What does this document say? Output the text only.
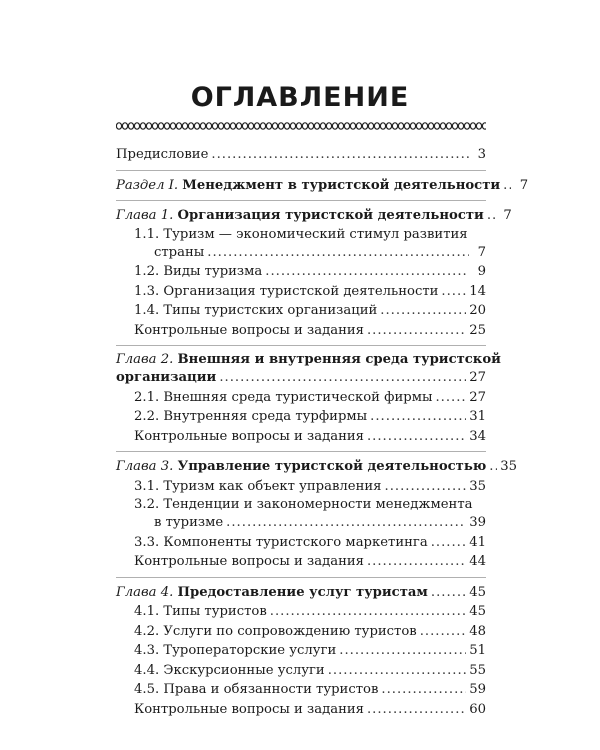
ОГЛАВЛЕНИЕ
Предисловие .....	3
Раздел I. Менеджмент в туристской деятельности .....	7
Глава 1. Организация туристской деятельности .....	7
1.1. Туризм — экономический стимул развития
страны .....	7
1.2. Виды туризма .....	9
1.3. Организация туристской деятельности ..... 14
1.4. Типы туристских организаций .....	20
Контрольные вопросы и задания .....	25
Глава 2. Внешняя и внутренняя среда туристской
организации .....	27
2.1. Внешняя среда туристической фирмы .....	27
2.2. Внутренняя среда турфирмы .....	31
Контрольные вопросы и задания .....	34
Глава 3. Управление туристской деятельностью ..... 35
3.1. Туризм как объект управления .....	35
3.2. Тенденции и закономерности менеджмента
в туризме .....	39
3.3. Компоненты туристского маркетинга .....	41
Контрольные вопросы и задания .....	44
Глава 4. Предоставление услуг туристам .....	45
4.1. Типы туристов .....	45
4.2. Услуги по сопровождению туристов .....	48
4.3. Туроператорские услуги .....	51
4.4. Экскурсионные услуги .....	55
4.5. Права и обязанности туристов .....	59
Контрольные вопросы и задания .....	60
